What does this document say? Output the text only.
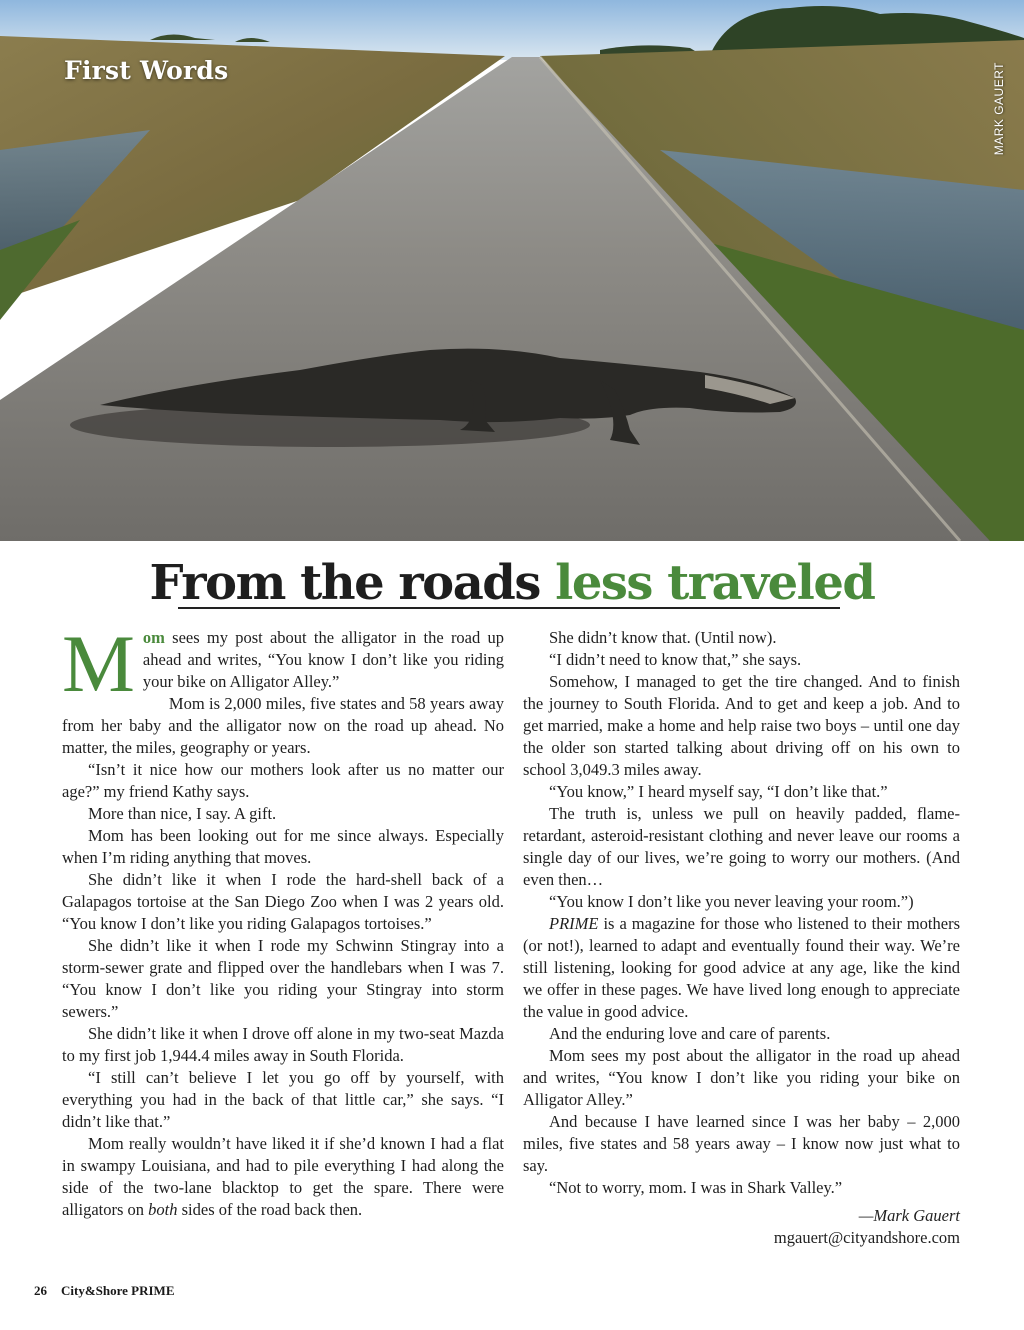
First Words	MARK GAUERT
From the roads less traveled

Mom sees my post about the alligator in the road up ahead and writes, “You know I don’t like you riding your bike on Alligator Alley.”

Mom is 2,000 miles, five states and 58 years away from her baby and the alligator now on the road up ahead. No matter, the miles, geography or years.

“Isn’t it nice how our mothers look after us no matter our age?” my friend Kathy says.

More than nice, I say. A gift.

Mom has been looking out for me since always. Especially when I’m riding anything that moves.

She didn’t like it when I rode the hard-shell back of a Galapagos tortoise at the San Diego Zoo when I was 2 years old. “You know I don’t like you riding Galapagos tortoises.”

She didn’t like it when I rode my Schwinn Stingray into a storm-sewer grate and flipped over the handlebars when I was 7. “You know I don’t like you riding your Stingray into storm sewers.”

She didn’t like it when I drove off alone in my two-seat Mazda to my first job 1,944.4 miles away in South Florida.

“I still can’t believe I let you go off by yourself, with everything you had in the back of that little car,” she says. “I didn’t like that.”

Mom really wouldn’t have liked it if she’d known I had a flat in swampy Louisiana, and had to pile everything I had along the side of the two-lane blacktop to get the spare. There were alligators on both sides of the road back then.

She didn’t know that. (Until now).

“I didn’t need to know that,” she says.

Somehow, I managed to get the tire changed. And to finish the journey to South Florida. And to get and keep a job. And to get married, make a home and help raise two boys – until one day the older son started talking about driving off on his own to school 3,049.3 miles away.

“You know,” I heard myself say, “I don’t like that.”

The truth is, unless we pull on heavily padded, flame-retardant, asteroid-resistant clothing and never leave our rooms a single day of our lives, we’re going to worry our mothers. (And even then…

“You know I don’t like you never leaving your room.”)

PRIME is a magazine for those who listened to their mothers (or not!), learned to adapt and eventually found their way. We’re still listening, looking for good advice at any age, like the kind we offer in these pages. We have lived long enough to appreciate the value in good advice.

And the enduring love and care of parents.

Mom sees my post about the alligator in the road up ahead and writes, “You know I don’t like you riding your bike on Alligator Alley.”

And because I have learned since I was her baby – 2,000 miles, five states and 58 years away – I know now just what to say.

“Not to worry, mom. I was in Shark Valley.”

—Mark Gauert

mgauert@cityandshore.com

26 City&Shore PRIME
